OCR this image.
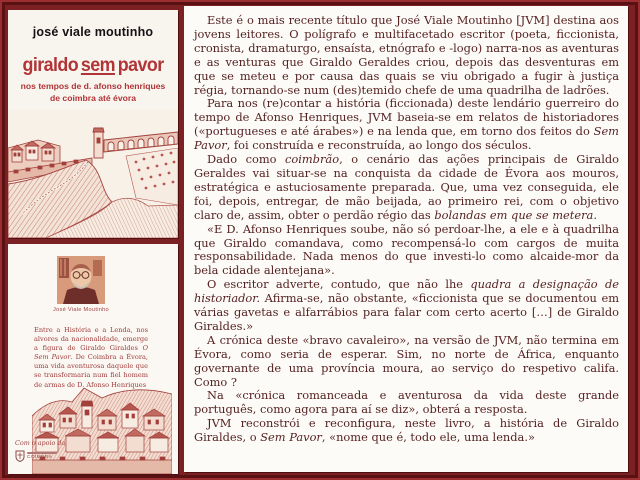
josé viale moutinho
giraldo sem pavor
nos tempos de d. afonso henriques
de coimbra até évora
José Viale Moutinho
Entre a História e a Lenda, nos alvores da nacionalidade, emerge a figura de Giraldo Giraldes O Sem Pavor. De Coimbra a Évora, uma vida aventurosa daquele que se transformaria num fiel homem de armas de D. Afonso Henriques
Com o apoio da
COIMBRA

Este é o mais recente título que José Viale Moutinho [JVM] destina aos jovens leitores. O polígrafo e multifacetado escritor (poeta, ficcionista, cronista, dramaturgo, ensaísta, etnógrafo e -logo) narra-nos as aventuras e as venturas que Giraldo Geraldes criou, depois das desventuras em que se meteu e por causa das quais se viu obrigado a fugir à justiça régia, tornando-se num (des)temido chefe de uma quadrilha de ladrões.

Para nos (re)contar a história (ficcionada) deste lendário guerreiro do tempo de Afonso Henriques, JVM baseia-se em relatos de historiadores («portugueses e até árabes») e na lenda que, em torno dos feitos do Sem Pavor, foi construída e reconstruída, ao longo dos séculos.

Dado como coimbrão, o cenário das ações principais de Giraldo Geraldes vai situar-se na conquista da cidade de Évora aos mouros, estratégica e astuciosamente preparada. Que, uma vez conseguida, ele foi, depois, entregar, de mão beijada, ao primeiro rei, com o objetivo claro de, assim, obter o perdão régio das bolandas em que se metera.

«E D. Afonso Henriques soube, não só perdoar-lhe, a ele e à quadrilha que Giraldo comandava, como recompensá-lo com cargos de muita responsabilidade. Nada menos do que investi-lo como alcaide-mor da bela cidade alentejana».

O escritor adverte, contudo, que não lhe quadra a designação de historiador. Afirma-se, não obstante, «ficcionista que se documentou em várias gavetas e alfarrábios para falar com certo acerto […] de Giraldo Giraldes.»

A crónica deste «bravo cavaleiro», na versão de JVM, não termina em Évora, como seria de esperar. Sim, no norte de África, enquanto governante de uma província moura, ao serviço do respetivo califa. Como ?

Na «crónica romanceada e aventurosa da vida deste grande português, como agora para aí se diz», obterá a resposta.

JVM reconstrói e reconfigura, neste livro, a história de Giraldo Giraldes, o Sem Pavor, «nome que é, todo ele, uma lenda.»
